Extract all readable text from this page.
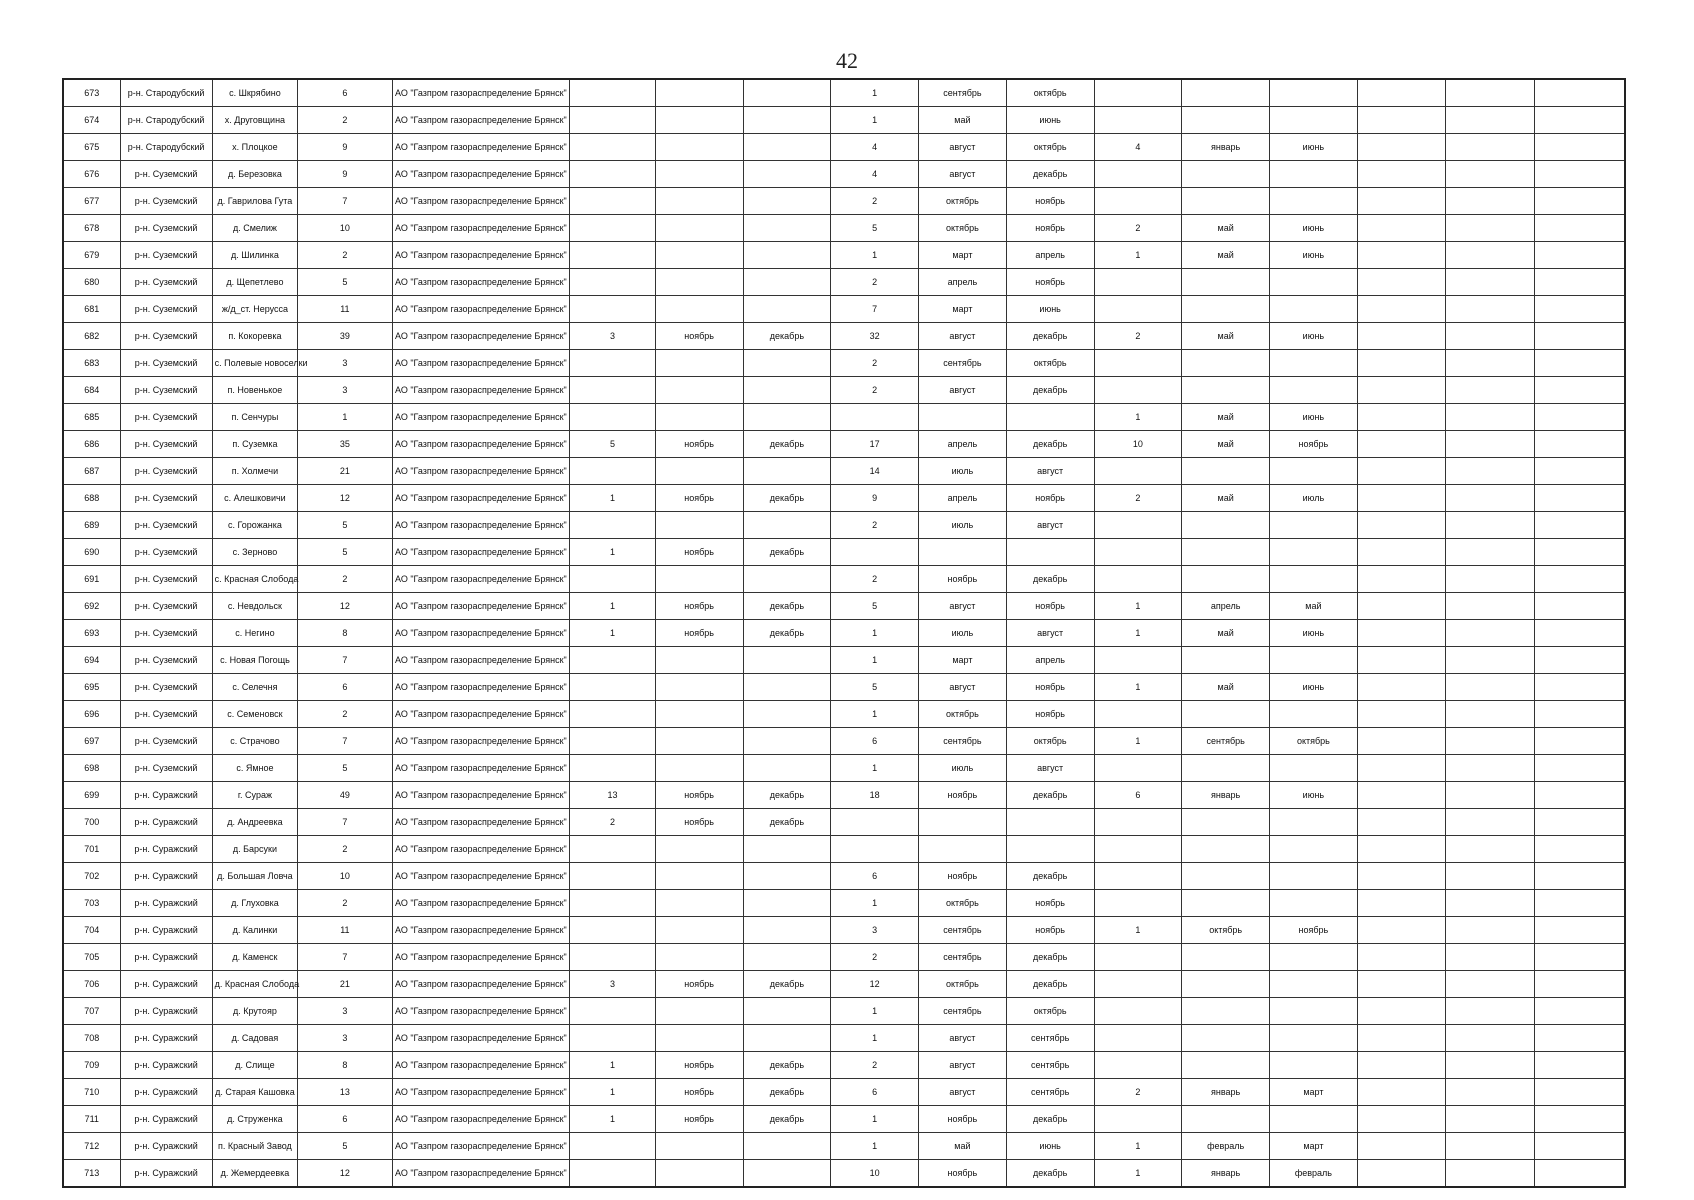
42
673	р-н. Стародубский	с. Шкрябино	6	АО "Газпром газораспределение Брянск"				1	сентябрь	октябрь						
674	р-н. Стародубский	х. Друговщина	2	АО "Газпром газораспределение Брянск"				1	май	июнь						
675	р-н. Стародубский	х. Плоцкое	9	АО "Газпром газораспределение Брянск"				4	август	октябрь	4	январь	июнь			
676	р-н. Суземский	д. Березовка	9	АО "Газпром газораспределение Брянск"				4	август	декабрь						
677	р-н. Суземский	д. Гаврилова Гута	7	АО "Газпром газораспределение Брянск"				2	октябрь	ноябрь						
678	р-н. Суземский	д. Смелиж	10	АО "Газпром газораспределение Брянск"				5	октябрь	ноябрь	2	май	июнь			
679	р-н. Суземский	д. Шилинка	2	АО "Газпром газораспределение Брянск"				1	март	апрель	1	май	июнь			
680	р-н. Суземский	д. Щепетлево	5	АО "Газпром газораспределение Брянск"				2	апрель	ноябрь						
681	р-н. Суземский	ж/д_ст. Нерусса	11	АО "Газпром газораспределение Брянск"				7	март	июнь						
682	р-н. Суземский	п. Кокоревка	39	АО "Газпром газораспределение Брянск"	3	ноябрь	декабрь	32	август	декабрь	2	май	июнь			
683	р-н. Суземский	с. Полевые новоселки	3	АО "Газпром газораспределение Брянск"				2	сентябрь	октябрь						
684	р-н. Суземский	п. Новенькое	3	АО "Газпром газораспределение Брянск"				2	август	декабрь						
685	р-н. Суземский	п. Сенчуры	1	АО "Газпром газораспределение Брянск"							1	май	июнь			
686	р-н. Суземский	п. Суземка	35	АО "Газпром газораспределение Брянск"	5	ноябрь	декабрь	17	апрель	декабрь	10	май	ноябрь			
687	р-н. Суземский	п. Холмечи	21	АО "Газпром газораспределение Брянск"				14	июль	август						
688	р-н. Суземский	с. Алешковичи	12	АО "Газпром газораспределение Брянск"	1	ноябрь	декабрь	9	апрель	ноябрь	2	май	июль			
689	р-н. Суземский	с. Горожанка	5	АО "Газпром газораспределение Брянск"				2	июль	август						
690	р-н. Суземский	с. Зерново	5	АО "Газпром газораспределение Брянск"	1	ноябрь	декабрь									
691	р-н. Суземский	с. Красная Слобода	2	АО "Газпром газораспределение Брянск"				2	ноябрь	декабрь						
692	р-н. Суземский	с. Невдольск	12	АО "Газпром газораспределение Брянск"	1	ноябрь	декабрь	5	август	ноябрь	1	апрель	май			
693	р-н. Суземский	с. Негино	8	АО "Газпром газораспределение Брянск"	1	ноябрь	декабрь	1	июль	август	1	май	июнь			
694	р-н. Суземский	с. Новая Погощь	7	АО "Газпром газораспределение Брянск"				1	март	апрель						
695	р-н. Суземский	с. Селечня	6	АО "Газпром газораспределение Брянск"				5	август	ноябрь	1	май	июнь			
696	р-н. Суземский	с. Семеновск	2	АО "Газпром газораспределение Брянск"				1	октябрь	ноябрь						
697	р-н. Суземский	с. Страчово	7	АО "Газпром газораспределение Брянск"				6	сентябрь	октябрь	1	сентябрь	октябрь			
698	р-н. Суземский	с. Ямное	5	АО "Газпром газораспределение Брянск"				1	июль	август						
699	р-н. Суражский	г. Сураж	49	АО "Газпром газораспределение Брянск"	13	ноябрь	декабрь	18	ноябрь	декабрь	6	январь	июнь			
700	р-н. Суражский	д. Андреевка	7	АО "Газпром газораспределение Брянск"	2	ноябрь	декабрь									
701	р-н. Суражский	д. Барсуки	2	АО "Газпром газораспределение Брянск"												
702	р-н. Суражский	д. Большая Ловча	10	АО "Газпром газораспределение Брянск"				6	ноябрь	декабрь						
703	р-н. Суражский	д. Глуховка	2	АО "Газпром газораспределение Брянск"				1	октябрь	ноябрь						
704	р-н. Суражский	д. Калинки	11	АО "Газпром газораспределение Брянск"				3	сентябрь	ноябрь	1	октябрь	ноябрь			
705	р-н. Суражский	д. Каменск	7	АО "Газпром газораспределение Брянск"				2	сентябрь	декабрь						
706	р-н. Суражский	д. Красная Слобода	21	АО "Газпром газораспределение Брянск"	3	ноябрь	декабрь	12	октябрь	декабрь						
707	р-н. Суражский	д. Крутояр	3	АО "Газпром газораспределение Брянск"				1	сентябрь	октябрь						
708	р-н. Суражский	д. Садовая	3	АО "Газпром газораспределение Брянск"				1	август	сентябрь						
709	р-н. Суражский	д. Слище	8	АО "Газпром газораспределение Брянск"	1	ноябрь	декабрь	2	август	сентябрь						
710	р-н. Суражский	д. Старая Кашовка	13	АО "Газпром газораспределение Брянск"	1	ноябрь	декабрь	6	август	сентябрь	2	январь	март			
711	р-н. Суражский	д. Струженка	6	АО "Газпром газораспределение Брянск"	1	ноябрь	декабрь	1	ноябрь	декабрь						
712	р-н. Суражский	п. Красный Завод	5	АО "Газпром газораспределение Брянск"				1	май	июнь	1	февраль	март			
713	р-н. Суражский	д. Жемердеевка	12	АО "Газпром газораспределение Брянск"				10	ноябрь	декабрь	1	январь	февраль			
